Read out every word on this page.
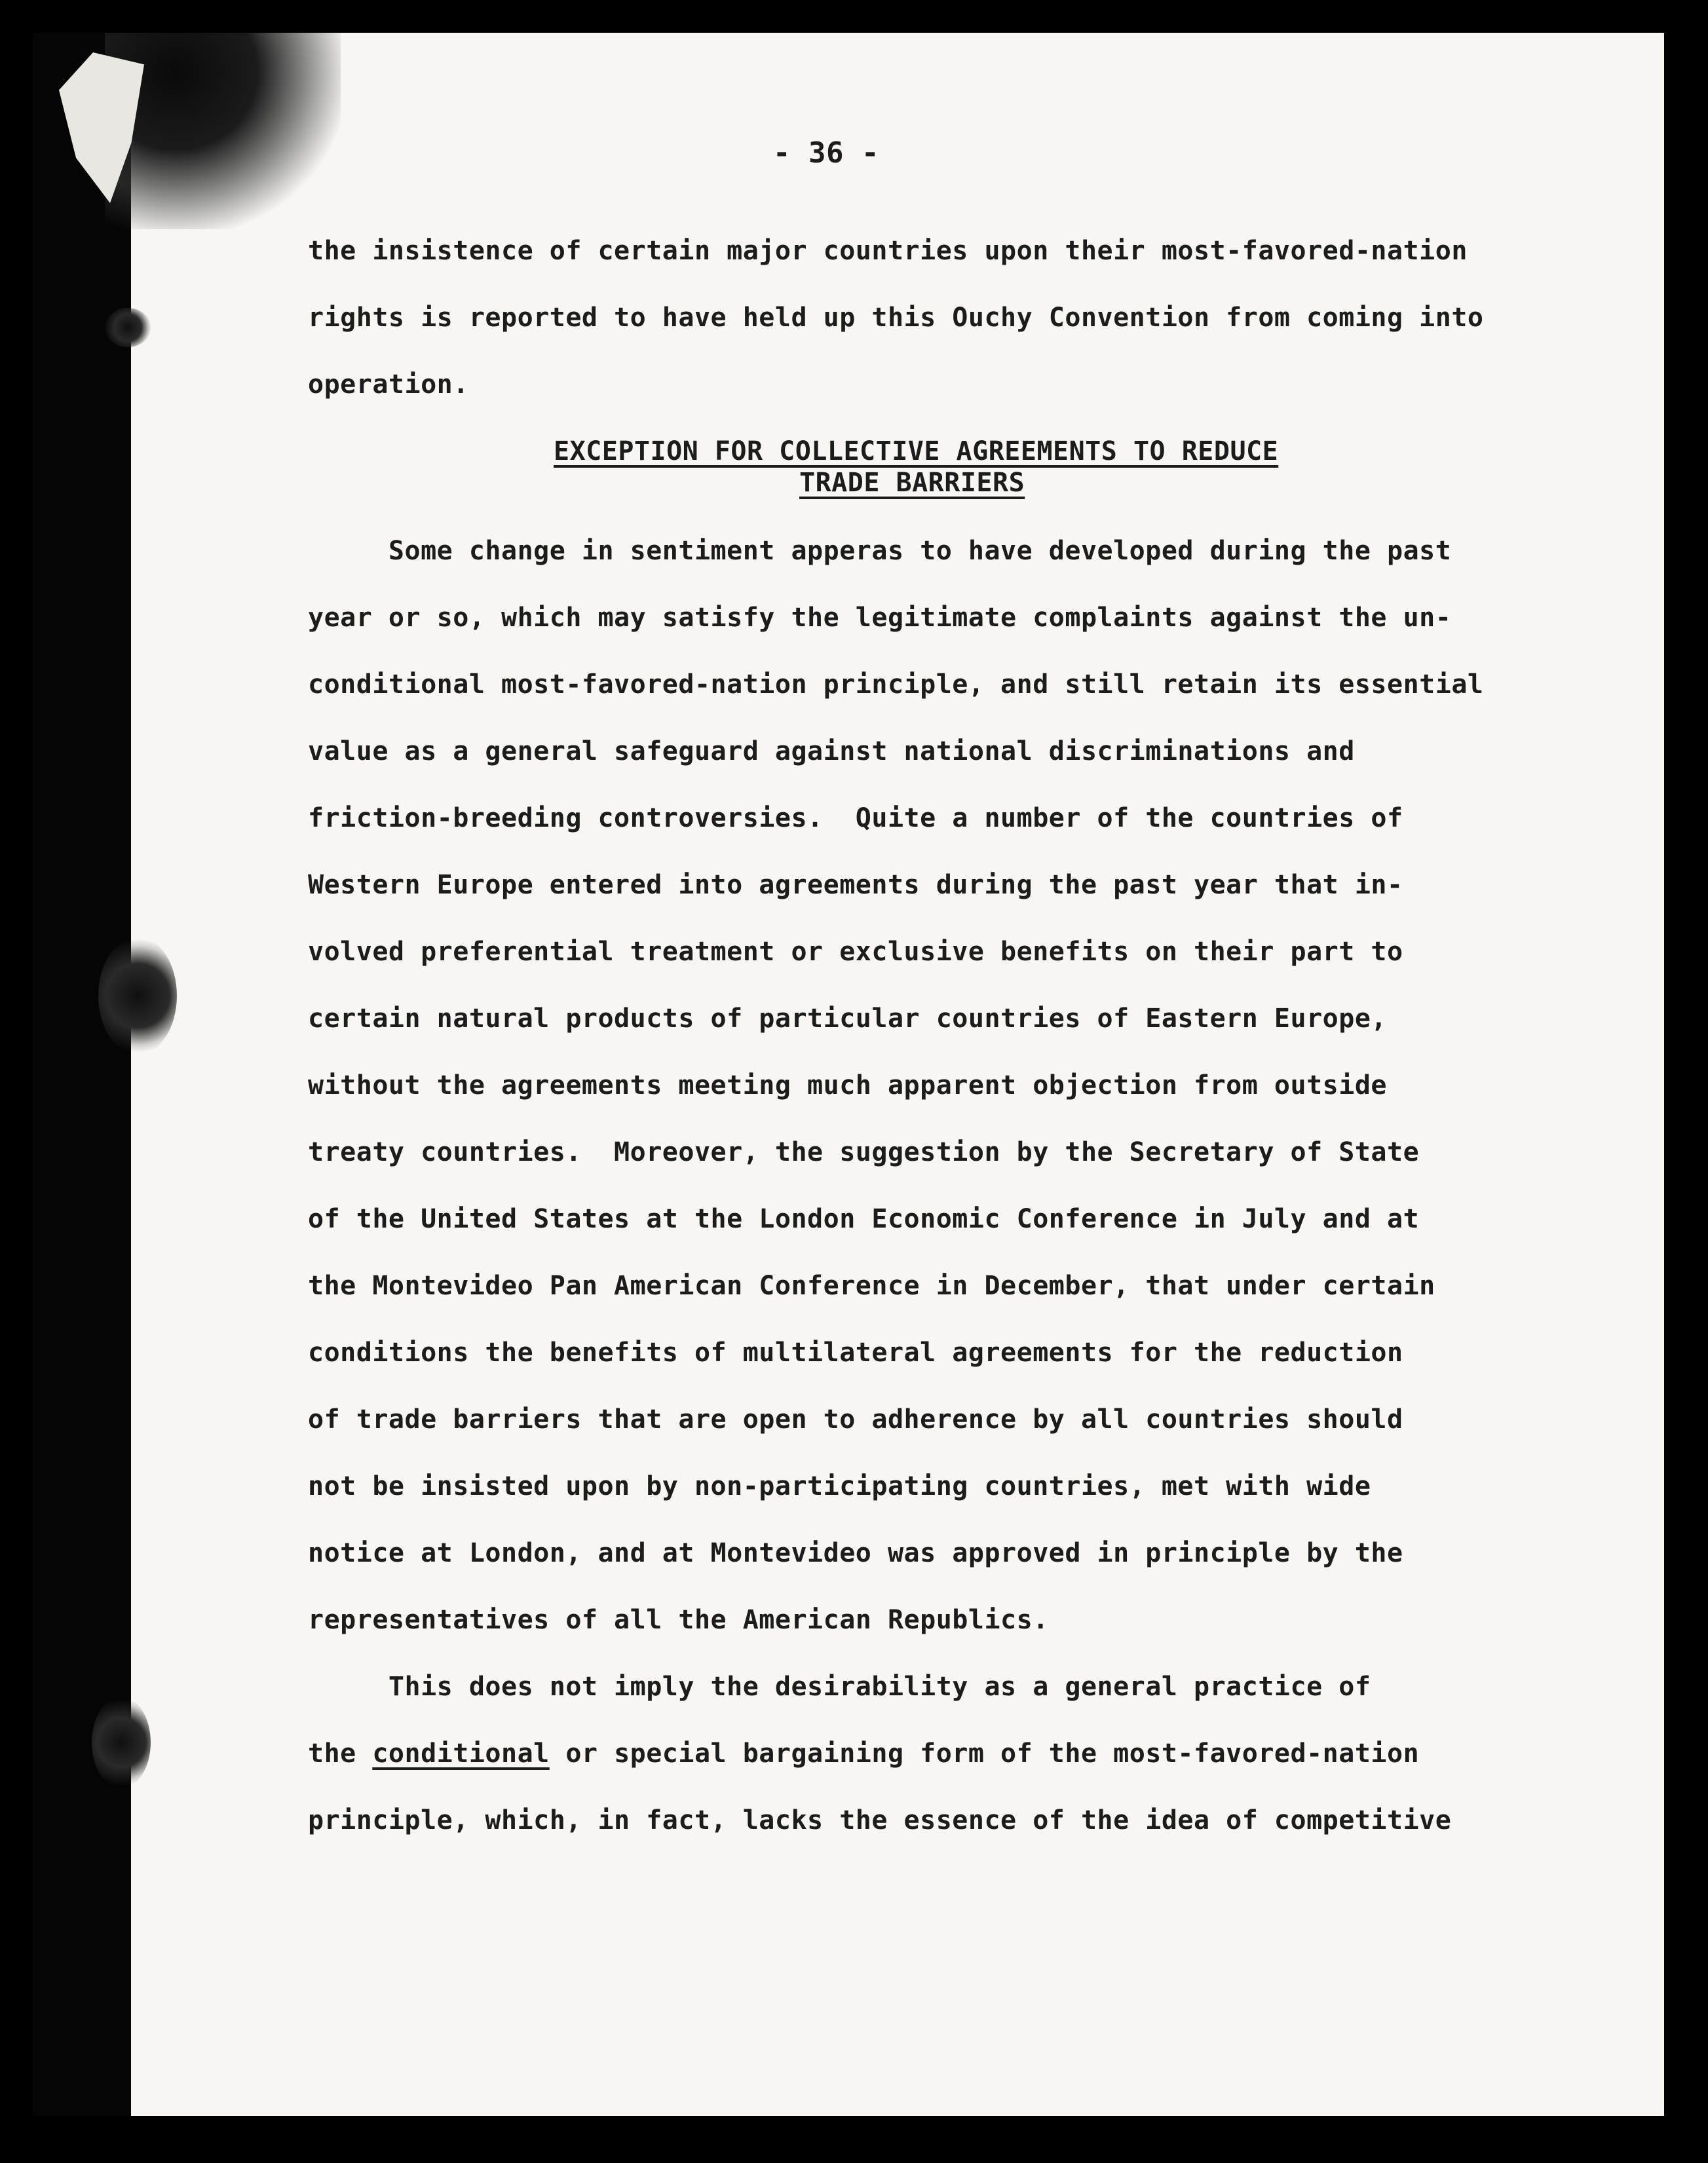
- 36 -
the insistence of certain major countries upon their most-favored-nation
rights is reported to have held up this Ouchy Convention from coming into
operation.
EXCEPTION FOR COLLECTIVE AGREEMENTS TO REDUCE
TRADE BARRIERS
Some change in sentiment apperas to have developed during the past
year or so, which may satisfy the legitimate complaints against the un-
conditional most-favored-nation principle, and still retain its essential
value as a general safeguard against national discriminations and
friction-breeding controversies.  Quite a number of the countries of
Western Europe entered into agreements during the past year that in-
volved preferential treatment or exclusive benefits on their part to
certain natural products of particular countries of Eastern Europe,
without the agreements meeting much apparent objection from outside
treaty countries.  Moreover, the suggestion by the Secretary of State
of the United States at the London Economic Conference in July and at
the Montevideo Pan American Conference in December, that under certain
conditions the benefits of multilateral agreements for the reduction
of trade barriers that are open to adherence by all countries should
not be insisted upon by non-participating countries, met with wide
notice at London, and at Montevideo was approved in principle by the
representatives of all the American Republics.
This does not imply the desirability as a general practice of
the conditional or special bargaining form of the most-favored-nation
principle, which, in fact, lacks the essence of the idea of competitive
